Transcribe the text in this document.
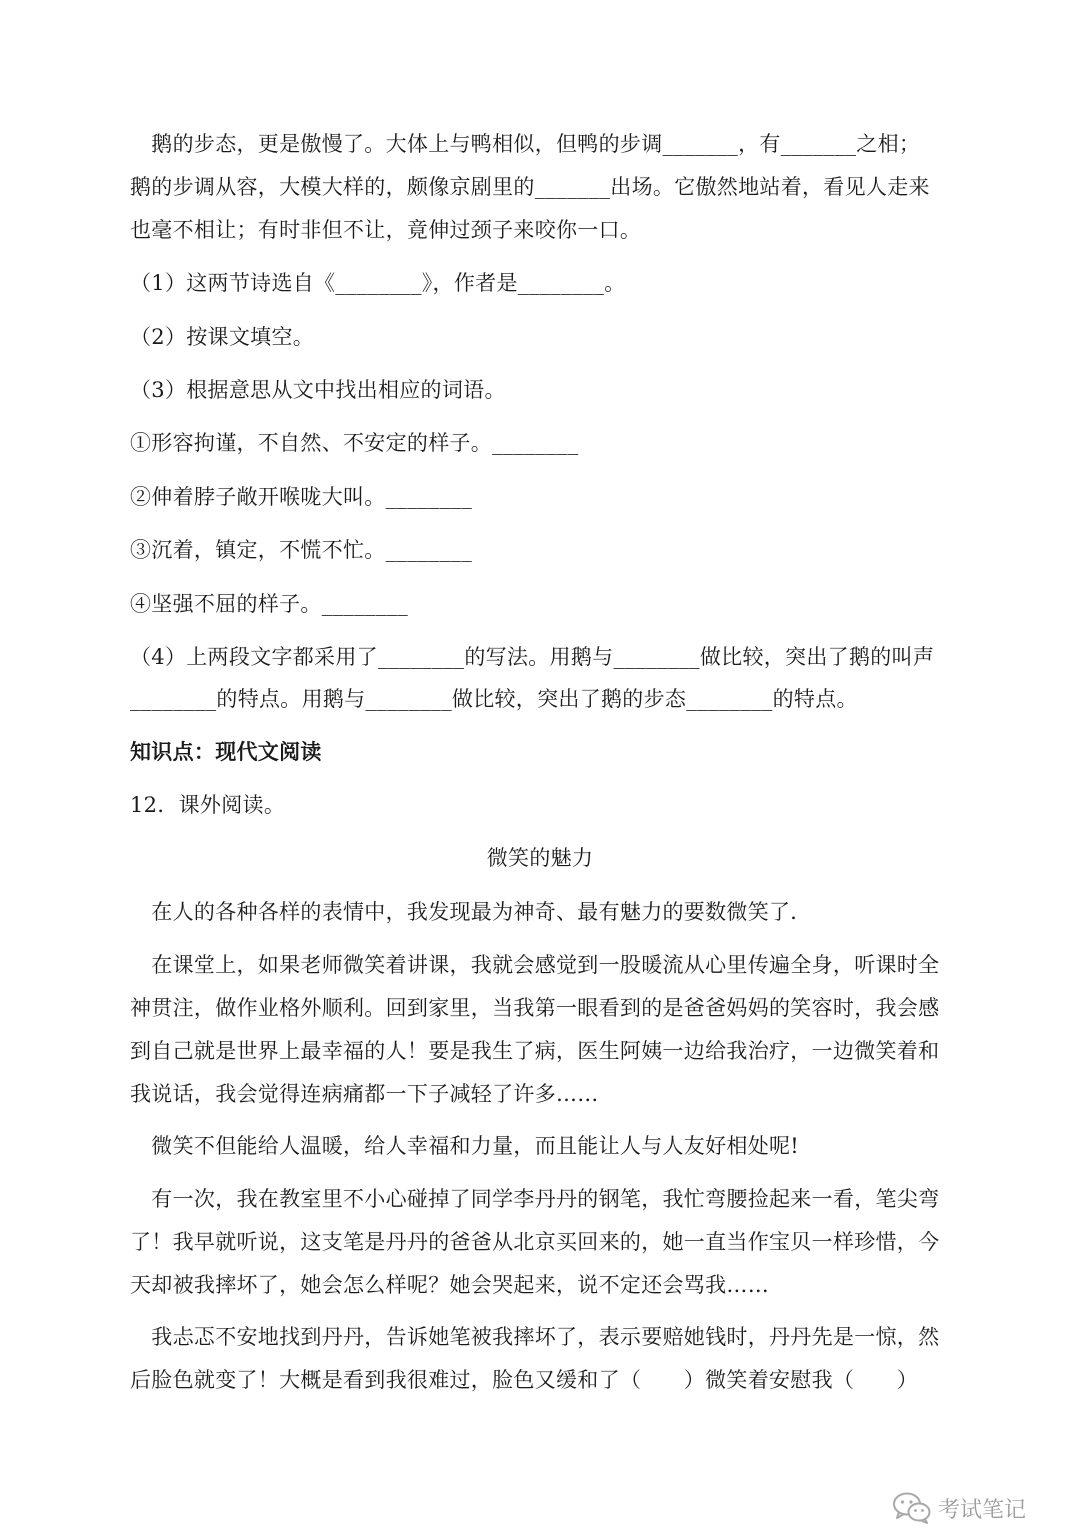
　鹅的步态，更是傲慢了。大体上与鸭相似，但鸭的步调_______，有_______之相；
鹅的步调从容，大模大样的，颇像京剧里的_______出场。它傲然地站着，看见人走来
也毫不相让；有时非但不让，竟伸过颈子来咬你一口。
（1）这两节诗选自《________》，作者是________。
（2）按课文填空。
（3）根据意思从文中找出相应的词语。
①形容拘谨，不自然、不安定的样子。________
②伸着脖子敞开喉咙大叫。________
③沉着，镇定，不慌不忙。________
④坚强不屈的样子。________
（4）上两段文字都采用了________的写法。用鹅与________做比较，突出了鹅的叫声
________的特点。用鹅与________做比较，突出了鹅的步态________的特点。
知识点：现代文阅读
12．课外阅读。
微笑的魅力
　在人的各种各样的表情中，我发现最为神奇、最有魅力的要数微笑了．
　在课堂上，如果老师微笑着讲课，我就会感觉到一股暖流从心里传遍全身，听课时全
神贯注，做作业格外顺利。回到家里，当我第一眼看到的是爸爸妈妈的笑容时，我会感
到自己就是世界上最幸福的人！要是我生了病，医生阿姨一边给我治疗，一边微笑着和
我说话，我会觉得连病痛都一下子减轻了许多……
　微笑不但能给人温暖，给人幸福和力量，而且能让人与人友好相处呢!
　有一次，我在教室里不小心碰掉了同学李丹丹的钢笔，我忙弯腰捡起来一看，笔尖弯
了！我早就听说，这支笔是丹丹的爸爸从北京买回来的，她一直当作宝贝一样珍惜，今
天却被我摔坏了，她会怎么样呢？她会哭起来，说不定还会骂我……
　我忐忑不安地找到丹丹，告诉她笔被我摔坏了，表示要赔她钱时，丹丹先是一惊，然
后脸色就变了！大概是看到我很难过，脸色又缓和了（　　）微笑着安慰我（　　）
考试笔记
